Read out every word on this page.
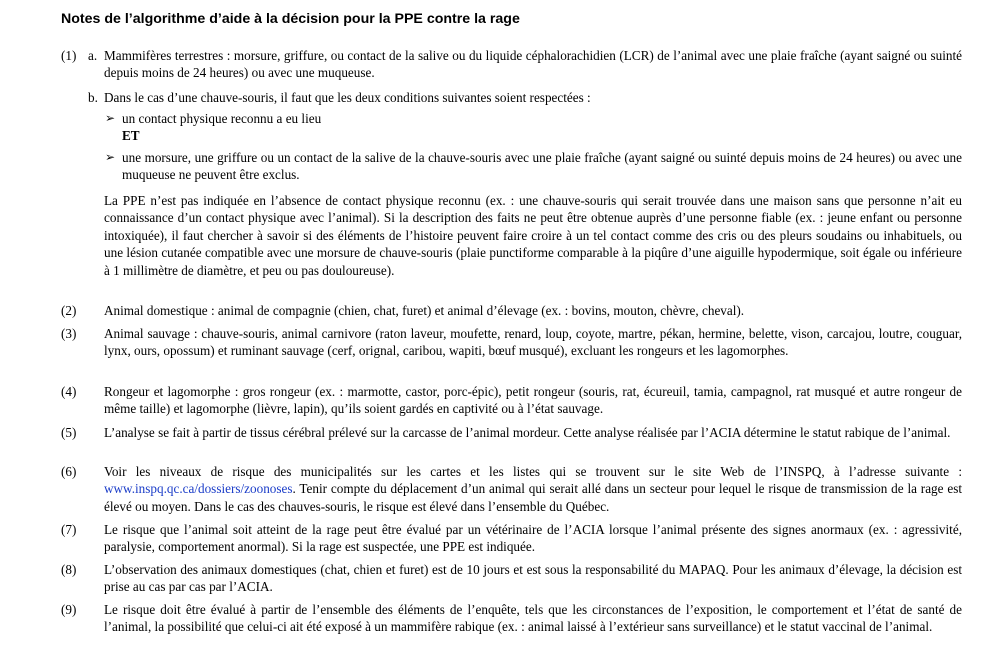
Notes de l’algorithme d’aide à la décision pour la PPE contre la rage
(1) a. Mammifères terrestres : morsure, griffure, ou contact de la salive ou du liquide céphalorachidien (LCR) de l’animal avec une plaie fraîche (ayant saigné ou suinté depuis moins de 24 heures) ou avec une muqueuse.
b. Dans le cas d’une chauve-souris, il faut que les deux conditions suivantes soient respectées :
➢ un contact physique reconnu a eu lieu
ET
➢ une morsure, une griffure ou un contact de la salive de la chauve-souris avec une plaie fraîche (ayant saigné ou suinté depuis moins de 24 heures) ou avec une muqueuse ne peuvent être exclus.
La PPE n’est pas indiquée en l’absence de contact physique reconnu (ex. : une chauve-souris qui serait trouvée dans une maison sans que personne n’ait eu connaissance d’un contact physique avec l’animal). Si la description des faits ne peut être obtenue auprès d’une personne fiable (ex. : jeune enfant ou personne intoxiquée), il faut chercher à savoir si des éléments de l’histoire peuvent faire croire à un tel contact comme des cris ou des pleurs soudains ou inhabituels, ou une lésion cutanée compatible avec une morsure de chauve-souris (plaie punctiforme comparable à la piqûre d’une aiguille hypodermique, soit égale ou inférieure à 1 millimètre de diamètre, et peu ou pas douloureuse).
(2) Animal domestique : animal de compagnie (chien, chat, furet) et animal d’élevage (ex. : bovins, mouton, chèvre, cheval).
(3) Animal sauvage : chauve-souris, animal carnivore (raton laveur, moufette, renard, loup, coyote, martre, pékan, hermine, belette, vison, carcajou, loutre, couguar, lynx, ours, opossum) et ruminant sauvage (cerf, orignal, caribou, wapiti, bœuf musqué), excluant les rongeurs et les lagomorphes.
(4) Rongeur et lagomorphe : gros rongeur (ex. : marmotte, castor, porc-épic), petit rongeur (souris, rat, écureuil, tamia, campagnol, rat musqué et autre rongeur de même taille) et lagomorphe (lièvre, lapin), qu’ils soient gardés en captivité ou à l’état sauvage.
(5) L’analyse se fait à partir de tissus cérébral prélevé sur la carcasse de l’animal mordeur. Cette analyse réalisée par l’ACIA détermine le statut rabique de l’animal.
(6) Voir les niveaux de risque des municipalités sur les cartes et les listes qui se trouvent sur le site Web de l’INSPQ, à l’adresse suivante : www.inspq.qc.ca/dossiers/zoonoses. Tenir compte du déplacement d’un animal qui serait allé dans un secteur pour lequel le risque de transmission de la rage est élevé ou moyen. Dans le cas des chauves-souris, le risque est élevé dans l’ensemble du Québec.
(7) Le risque que l’animal soit atteint de la rage peut être évalué par un vétérinaire de l’ACIA lorsque l’animal présente des signes anormaux (ex. : agressivité, paralysie, comportement anormal). Si la rage est suspectée, une PPE est indiquée.
(8) L’observation des animaux domestiques (chat, chien et furet) est de 10 jours et est sous la responsabilité du MAPAQ. Pour les animaux d’élevage, la décision est prise au cas par cas par l’ACIA.
(9) Le risque doit être évalué à partir de l’ensemble des éléments de l’enquête, tels que les circonstances de l’exposition, le comportement et l’état de santé de l’animal, la possibilité que celui-ci ait été exposé à un mammifère rabique (ex. : animal laissé à l’extérieur sans surveillance) et le statut vaccinal de l’animal.
